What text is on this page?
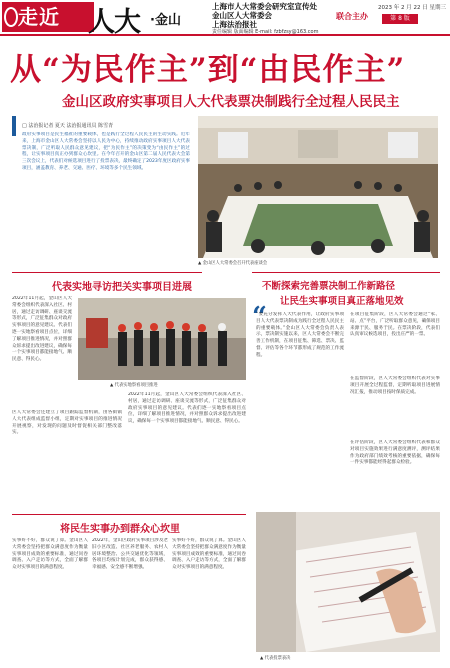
走近	人大 ·金山
上海市人大常委会研究室宣传处
金山区人大常委会
上海法治报社
责任编辑 版面编辑 E-mail: fzbfzsy@163.com
联合主办
2023 年 2 月 22 日 星期三
第 8 版
从“为民作主”到“由民作主”
金山区政府实事项目人大代表票决制践行全过程人民民主
□ 法治报记者 夏天 法治报通讯员 陈雪青
政府实事项目是民生福祉的重要载体，也是践行全过程人民民主的生动实践。近年来，上海市金山区人大常委会坚持以人民为中心，持续推动政府实事项目人大代表票决制，广泛听取人民群众意见建议，把“为民作主”的决策变为“由民作主”的过程，让实事项目真正办到群众心坎里。在今年召开的金山区第二届人民代表大会第三次会议上，代表们对候选项目进行了投票表决，最终确定了2023年度区政府实事项目，涵盖教育、养老、交通、医疗、环境等多个民生领域。
▲ 金山区人大常委会召开代表座谈会
代表实地寻访把关实事项目进展
2022年11月起，金山区人大常委会组织代表深入社区、村居，通过走访调研、座谈交流等形式，广泛征集群众对政府实事项目的意见建议。代表们逐一实地察看项目点位，详细了解项目推进情况，并对照群众诉求提出改进建议，确保每一个实事项目都能接地气、顺民意、得民心。
▲ 代表实地察看项目推进
区人大常委会还建立了项目跟踪监督机制，由各街镇人大代表组成监督小组，定期对实事项目的推进情况开展视察，对发现的问题及时督促相关部门整改落实。
2022年11月起，金山区人大常委会组织代表深入社区、村居，通过走访调研、座谈交流等形式，广泛征集群众对政府实事项目的意见建议。代表们逐一实地察看项目点位，详细了解项目推进情况，并对照群众诉求提出改进建议，确保每一个实事项目都能接地气、顺民意、得民心。
将民生实事办到群众心坎里
实事好不好，群众说了算。金山区人大常委会坚持把群众满意度作为衡量实事项目成效的重要标准，通过问卷调查、入户走访等方式，全面了解群众对实事项目的满意程度。
2022年，金山区政府实事项目涉及老旧小区改造、社区养老服务、农村人居环境整治、公共交通优化等领域，各项目均按计划完成，群众获得感、幸福感、安全感不断增强。
实事好不好，群众说了算。金山区人大常委会坚持把群众满意度作为衡量实事项目成效的重要标准，通过问卷调查、入户走访等方式，全面了解群众对实事项目的满意程度。
不断探索完善票决制工作新路径
让民生实事项目真正落地见效
“
“要充分发挥人大代表作用，让政府实事项目人大代表票决制成为践行全过程人民民主的重要载体。”金山区人大常委会负责人表示，票决制实施以来，区人大常委会不断完善工作机制，在项目征集、筛选、票决、监督、评估等各个环节都形成了规范的工作流程。
在项目征集阶段，区人大常委会通过“家、站、点”平台，广泛听取群众意见，确保项目来源于民、服务于民。在票决阶段，代表们认真审议候选项目，投出庄严的一票。
在监督阶段，区人大常委会组织代表对实事项目开展全过程监督，定期听取项目进展情况汇报，推动项目按时保质完成。
在评估阶段，区人大常委会组织代表和群众对项目实施效果进行满意度测评，测评结果作为政府部门绩效考核的重要依据，确保每一件实事都能经得起群众检验。
▲ 代表投票表决
